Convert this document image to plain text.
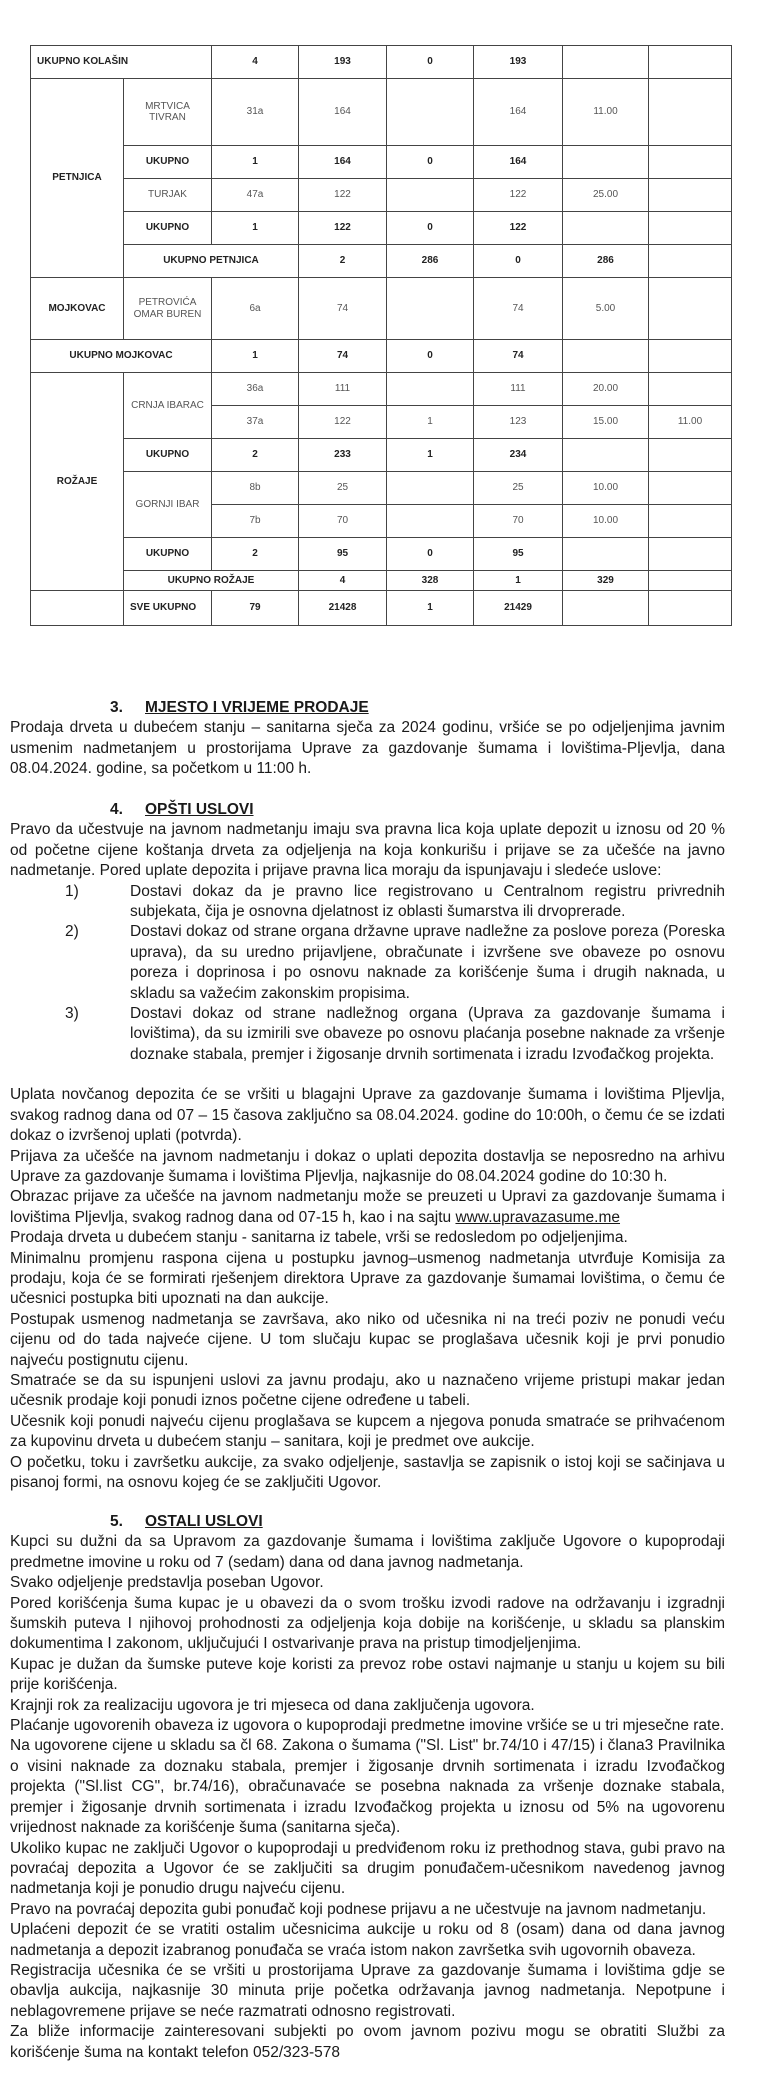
UKUPNO KOLAŠIN		4	193	0	193			
PETNJICA	MRTVICA TIVRAN	31a	164		164	11.00		
	UKUPNO	1	164	0	164			
	TURJAK	47a	122		122	25.00		
	UKUPNO	1	122	0	122			
	UKUPNO PETNJICA		2	286	0	286		
MOJKOVAC	PETROVIĆA OMAR BUREN	6a	74		74	5.00		
UKUPNO MOJKOVAC		1	74	0	74			
ROŽAJE	CRNJA IBARAC	36a	111		111	20.00		
		37a	122	1	123	15.00	11.00	
	UKUPNO	2	233	1	234			
	GORNJI IBAR	8b	25		25	10.00		
		7b	70		70	10.00		
	UKUPNO	2	95	0	95			
	UKUPNO ROŽAJE		4	328	1	329		
	SVE UKUPNO	79	21428	1	21429			
3. MJESTO I VRIJEME PRODAJE

Prodaja drveta u dubećem stanju – sanitarna sječa za 2024 godinu, vršiće se po odjeljenjima javnim usmenim nadmetanjem u prostorijama Uprave za gazdovanje šumama i lovištima-Pljevlja, dana 08.04.2024. godine, sa početkom u 11:00 h.

4. OPŠTI USLOVI

Pravo da učestvuje na javnom nadmetanju imaju sva pravna lica koja uplate depozit u iznosu od 20 % od početne cijene koštanja drveta za odjeljenja na koja konkurišu i prijave se za učešće na javno nadmetanje. Pored uplate depozita i prijave pravna lica moraju da ispunjavaju i sledeće uslove:

1)	Dostavi dokaz da je pravno lice registrovano u Centralnom registru privrednih subjekata, čija je osnovna djelatnost iz oblasti šumarstva ili drvoprerade.
2)	Dostavi dokaz od strane organa državne uprave nadležne za poslove poreza (Poreska uprava), da su uredno prijavljene, obračunate i izvršene sve obaveze po osnovu poreza i doprinosa i po osnovu naknade za korišćenje šuma i drugih naknada, u skladu sa važećim zakonskim propisima.
3)	Dostavi dokaz od strane nadležnog organa (Uprava za gazdovanje šumama i lovištima), da su izmirili sve obaveze po osnovu plaćanja posebne naknade za vršenje doznake stabala, premjer i žigosanje drvnih sortimenata i izradu Izvođačkog projekta.

Uplata novčanog depozita će se vršiti u blagajni Uprave za gazdovanje šumama i lovištima Pljevlja, svakog radnog dana od 07 – 15 časova zaključno sa 08.04.2024. godine do 10:00h, o čemu će se izdati dokaz o izvršenoj uplati (potvrda).

Prijava za učešće na javnom nadmetanju i dokaz o uplati depozita dostavlja se neposredno na arhivu Uprave za gazdovanje šumama i lovištima Pljevlja, najkasnije do 08.04.2024 godine do 10:30 h.

Obrazac prijave za učešće na javnom nadmetanju može se preuzeti u Upravi za gazdovanje šumama i lovištima Pljevlja, svakog radnog dana od 07-15 h, kao i na sajtu www.upravazasume.me

Prodaja drveta u dubećem stanju - sanitarna iz tabele, vrši se redosledom po odjeljenjima.

Minimalnu promjenu raspona cijena u postupku javnog–usmenog nadmetanja utvrđuje Komisija za prodaju, koja će se formirati rješenjem direktora Uprave za gazdovanje šumamai lovištima, o čemu će učesnici postupka biti upoznati na dan aukcije.

Postupak usmenog nadmetanja se završava, ako niko od učesnika ni na treći poziv ne ponudi veću cijenu od do tada najveće cijene. U tom slučaju kupac se proglašava učesnik koji je prvi ponudio najveću postignutu cijenu.

Smatraće se da su ispunjeni uslovi za javnu prodaju, ako u naznačeno vrijeme pristupi makar jedan učesnik prodaje koji ponudi iznos početne cijene određene u tabeli.

Učesnik koji ponudi najveću cijenu proglašava se kupcem a njegova ponuda smatraće se prihvaćenom za kupovinu drveta u dubećem stanju – sanitara, koji je predmet ove aukcije.

O početku, toku i završetku aukcije, za svako odjeljenje, sastavlja se zapisnik o istoj koji se sačinjava u pisanoj formi, na osnovu kojeg će se zaključiti Ugovor.

5. OSTALI USLOVI

Kupci su dužni da sa Upravom za gazdovanje šumama i lovištima zaključe Ugovore o kupoprodaji predmetne imovine u roku od 7 (sedam) dana od dana javnog nadmetanja.

Svako odjeljenje predstavlja poseban Ugovor.

Pored korišćenja šuma kupac je u obavezi da o svom trošku izvodi radove na održavanju i izgradnji šumskih puteva I njihovoj prohodnosti za odjeljenja koja dobije na korišćenje, u skladu sa planskim dokumentima I zakonom, uključujući I ostvarivanje prava na pristup timodjeljenjima.

Kupac je dužan da šumske puteve koje koristi za prevoz robe ostavi najmanje u stanju u kojem su bili prije korišćenja.

Krajnji rok za realizaciju ugovora je tri mjeseca od dana zaključenja ugovora.

Plaćanje ugovorenih obaveza iz ugovora o kupoprodaji predmetne imovine vršiće se u tri mjesečne rate.

Na ugovorene cijene u skladu sa čl 68. Zakona o šumama ("Sl. List" br.74/10 i 47/15) i člana3 Pravilnika o visini naknade za doznaku stabala, premjer i žigosanje drvnih sortimenata i izradu Izvođačkog projekta ("Sl.list CG", br.74/16), obračunavaće se posebna naknada za vršenje doznake stabala, premjer i žigosanje drvnih sortimenata i izradu Izvođačkog projekta u iznosu od 5% na ugovorenu vrijednost naknade za korišćenje šuma (sanitarna sječa).

Ukoliko kupac ne zaključi Ugovor o kupoprodaji u predviđenom roku iz prethodnog stava, gubi pravo na povraćaj depozita a Ugovor će se zaključiti sa drugim ponuđačem-učesnikom navedenog javnog nadmetanja koji je ponudio drugu najveću cijenu.

Pravo na povraćaj depozita gubi ponuđač koji podnese prijavu a ne učestvuje na javnom nadmetanju.

Uplaćeni depozit će se vratiti ostalim učesnicima aukcije u roku od 8 (osam) dana od dana javnog nadmetanja a depozit izabranog ponuđača se vraća istom nakon završetka svih ugovornih obaveza.

Registracija učesnika će se vršiti u prostorijama Uprave za gazdovanje šumama i lovištima gdje se obavlja aukcija, najkasnije 30 minuta prije početka održavanja javnog nadmetanja. Nepotpune i neblagovremene prijave se neće razmatrati odnosno registrovati.

Za bliže informacije zainteresovani subjekti po ovom javnom pozivu mogu se obratiti Službi za korišćenje šuma na kontakt telefon 052/323-578
